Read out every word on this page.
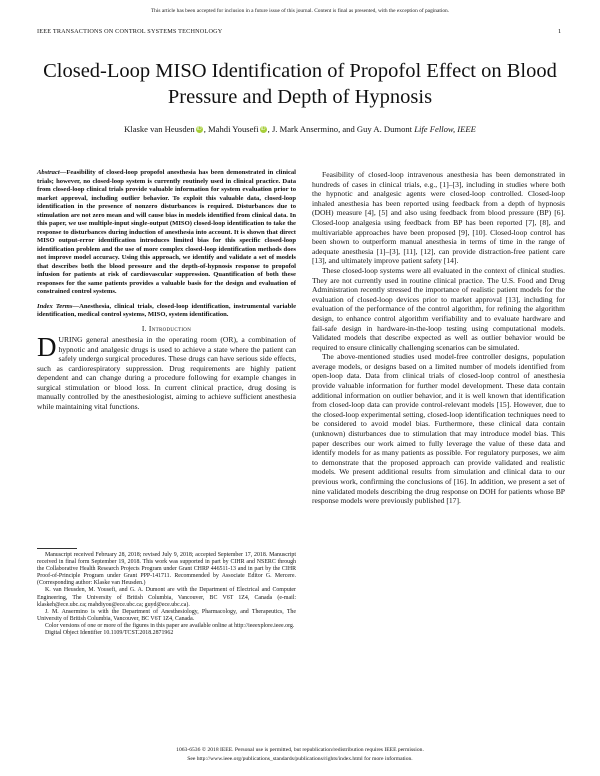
This article has been accepted for inclusion in a future issue of this journal. Content is final as presented, with the exception of pagination.
IEEE TRANSACTIONS ON CONTROL SYSTEMS TECHNOLOGY	1
Closed-Loop MISO Identification of Propofol Effect on Blood Pressure and Depth of Hypnosis
Klaske van Heusden iD , Mahdi Yousefi iD , J. Mark Ansermino, and Guy A. Dumont Life Fellow, IEEE
Abstract—Feasibility of closed-loop propofol anesthesia has been demonstrated in clinical trials; however, no closed-loop system is currently routinely used in clinical practice. Data from closed-loop clinical trials provide valuable information for system evaluation prior to market approval, including outlier behavior. To exploit this valuable data, closed-loop identification in the presence of nonzero disturbances is required. Disturbances due to stimulation are not zero mean and will cause bias in models identified from clinical data. In this paper, we use multiple-input single-output (MISO) closed-loop identification to take the response to disturbances during induction of anesthesia into account. It is shown that direct MISO output-error identification introduces limited bias for this specific closed-loop identification problem and the use of more complex closed-loop identification methods does not improve model accuracy. Using this approach, we identify and validate a set of models that describes both the blood pressure and the depth-of-hypnosis response to propofol infusion for patients at risk of cardiovascular suppression. Quantification of both these responses for the same patients provides a valuable basis for the design and evaluation of constrained control systems.
Index Terms—Anesthesia, clinical trials, closed-loop identification, instrumental variable identification, medical control systems, MISO, system identification.
I. Introduction
DURING general anesthesia in the operating room (OR), a combination of hypnotic and analgesic drugs is used to achieve a state where the patient can safely undergo surgical procedures. These drugs can have serious side effects, such as cardiorespiratory suppression. Drug requirements are highly patient dependent and can change during a procedure following for example changes in surgical stimulation or blood loss. In current clinical practice, drug dosing is manually controlled by the anesthesiologist, aiming to achieve sufficient anesthesia while maintaining vital functions.

Manuscript received February 28, 2018; revised July 9, 2018; accepted September 17, 2018. Manuscript received in final form September 19, 2018. This work was supported in part by CIHR and NSERC through the Collaborative Health Research Projects Program under Grant CHRP 446511-13 and in part by the CIHR Proof-of-Principle Program under Grant PPP-141711. Recommended by Associate Editor G. Mercere. (Corresponding author: Klaske van Heusden.)

K. van Heusden, M. Yousefi, and G. A. Dumont are with the Department of Electrical and Computer Engineering, The University of British Columbia, Vancouver, BC V6T 1Z4, Canada (e-mail: klaskeh@ece.ubc.ca; mahdiyou@ece.ubc.ca; guyd@ece.ubc.ca).

J. M. Ansermino is with the Department of Anesthesiology, Pharmacology, and Therapeutics, The University of British Columbia, Vancouver, BC V6T 1Z4, Canada.

Color versions of one or more of the figures in this paper are available online at http://ieeexplore.ieee.org.

Digital Object Identifier 10.1109/TCST.2018.2871962

Feasibility of closed-loop intravenous anesthesia has been demonstrated in hundreds of cases in clinical trials, e.g., [1]–[3], including in studies where both the hypnotic and analgesic agents were closed-loop controlled. Closed-loop inhaled anesthesia has been reported using feedback from a depth of hypnosis (DOH) measure [4], [5] and also using feedback from blood pressure (BP) [6]. Closed-loop analgesia using feedback from BP has been reported [7], [8], and multivariable approaches have been proposed [9], [10]. Closed-loop control has been shown to outperform manual anesthesia in terms of time in the range of adequate anesthesia [1]–[3], [11], [12], can provide distraction-free patient care [13], and ultimately improve patient safety [14].

These closed-loop systems were all evaluated in the context of clinical studies. They are not currently used in routine clinical practice. The U.S. Food and Drug Administration recently stressed the importance of realistic patient models for the evaluation of closed-loop devices prior to market approval [13], including for evaluation of the performance of the control algorithm, for refining the algorithm design, to enhance control algorithm verifiability and to evaluate hardware and fail-safe design in hardware-in-the-loop testing using computational models. Validated models that describe expected as well as outlier behavior would be required to ensure clinically challenging scenarios can be simulated.

The above-mentioned studies used model-free controller designs, population average models, or designs based on a limited number of models identified from open-loop data. Data from clinical trials of closed-loop control of anesthesia provide valuable information for further model development. These data contain additional information on outlier behavior, and it is well known that identification from closed-loop data can provide control-relevant models [15]. However, due to the closed-loop experimental setting, closed-loop identification techniques need to be considered to avoid model bias. Furthermore, these clinical data contain (unknown) disturbances due to stimulation that may introduce model bias. This paper describes our work aimed to fully leverage the value of these data and identify models for as many patients as possible. For regulatory purposes, we aim to demonstrate that the proposed approach can provide validated and realistic models. We present additional results from simulation and clinical data to our previous work, confirming the conclusions of [16]. In addition, we present a set of nine validated models describing the drug response on DOH for patients whose BP response models were previously published [17].

1063-6536 © 2018 IEEE. Personal use is permitted, but republication/redistribution requires IEEE permission.
See http://www.ieee.org/publications_standards/publications/rights/index.html for more information.
